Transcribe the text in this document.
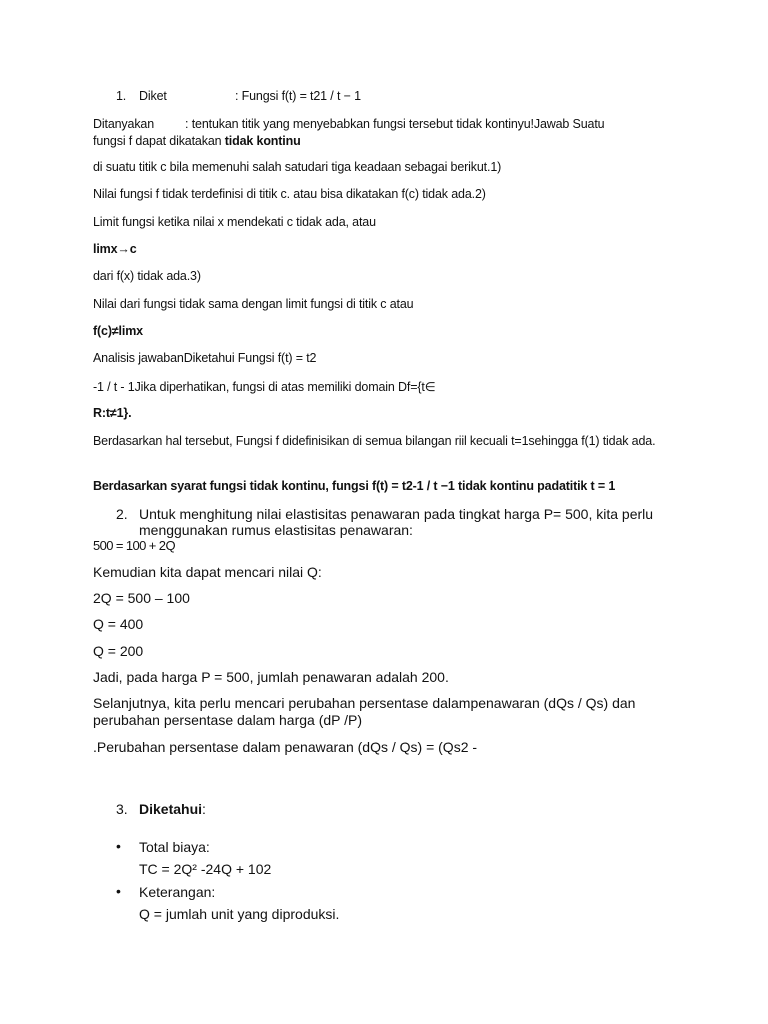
1. Diket	: Fungsi f(t) = t21 / t − 1
Ditanyakan : tentukan titik yang menyebabkan fungsi tersebut tidak kontinyu!Jawab Suatu
fungsi f dapat dikatakan tidak kontinu
di suatu titik c bila memenuhi salah satudari tiga keadaan sebagai berikut.1)
Nilai fungsi f tidak terdefinisi di titik c. atau bisa dikatakan f(c) tidak ada.2)
Limit fungsi ketika nilai x mendekati c tidak ada, atau
limx→c
dari f(x) tidak ada.3)
Nilai dari fungsi tidak sama dengan limit fungsi di titik c atau
f(c)≠limx
Analisis jawabanDiketahui Fungsi f(t) = t2
-1 / t - 1Jika diperhatikan, fungsi di atas memiliki domain Df={t∈
R:t≠1}.
Berdasarkan hal tersebut, Fungsi f didefinisikan di semua bilangan riil kecuali t=1sehingga f(1) tidak ada.
Berdasarkan syarat fungsi tidak kontinu, fungsi f(t) = t2-1 / t −1 tidak kontinu padatitik t = 1
2. Untuk menghitung nilai elastisitas penawaran pada tingkat harga P= 500, kita perlu menggunakan rumus elastisitas penawaran:
500 = 100 + 2Q
Kemudian kita dapat mencari nilai Q:
2Q = 500 – 100
Q = 400
Q = 200
Jadi, pada harga P = 500, jumlah penawaran adalah 200.
Selanjutnya, kita perlu mencari perubahan persentase dalampenawaran (dQs / Qs) dan perubahan persentase dalam harga (dP /P)
.Perubahan persentase dalam penawaran (dQs / Qs) = (Qs2 -
3. Diketahui:
• Total biaya:
TC = 2Q² -24Q + 102
• Keterangan:
Q = jumlah unit yang diproduksi.
